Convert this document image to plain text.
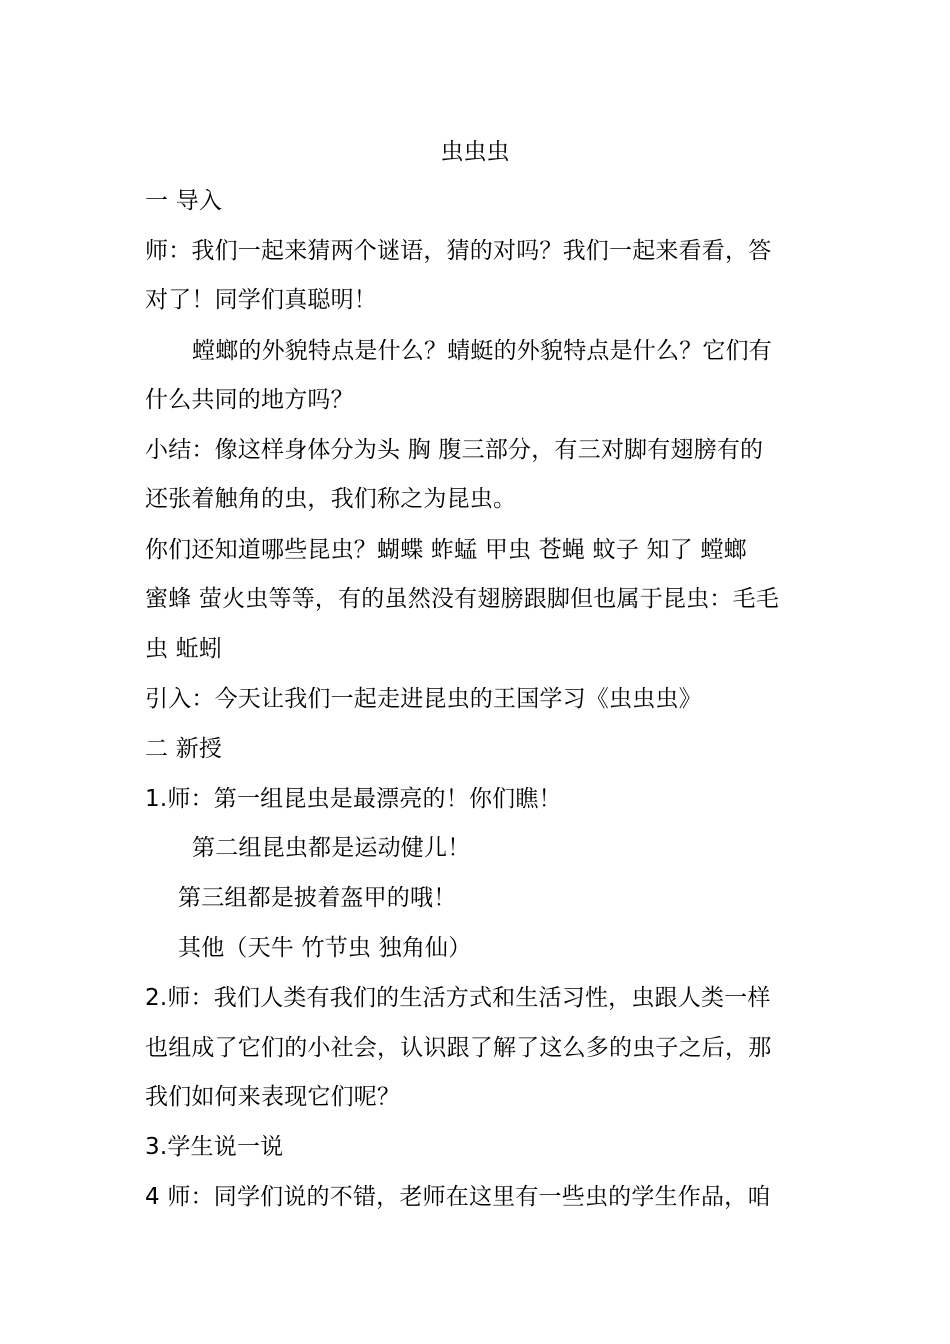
虫虫虫
一 导入
师：我们一起来猜两个谜语，猜的对吗？我们一起来看看，答
对了！同学们真聪明！
螳螂的外貌特点是什么？蜻蜓的外貌特点是什么？它们有
什么共同的地方吗？
小结：像这样身体分为头 胸 腹三部分，有三对脚有翅膀有的
还张着触角的虫，我们称之为昆虫。
你们还知道哪些昆虫？蝴蝶 蚱蜢 甲虫 苍蝇 蚊子 知了 螳螂
蜜蜂 萤火虫等等，有的虽然没有翅膀跟脚但也属于昆虫：毛毛
虫 蚯蚓
引入：今天让我们一起走进昆虫的王国学习《虫虫虫》
二 新授
1.师：第一组昆虫是最漂亮的！你们瞧！
第二组昆虫都是运动健儿！
第三组都是披着盔甲的哦！
其他（天牛 竹节虫 独角仙）
2.师：我们人类有我们的生活方式和生活习性，虫跟人类一样
也组成了它们的小社会，认识跟了解了这么多的虫子之后，那
我们如何来表现它们呢？
3.学生说一说
4 师：同学们说的不错，老师在这里有一些虫的学生作品，咱
